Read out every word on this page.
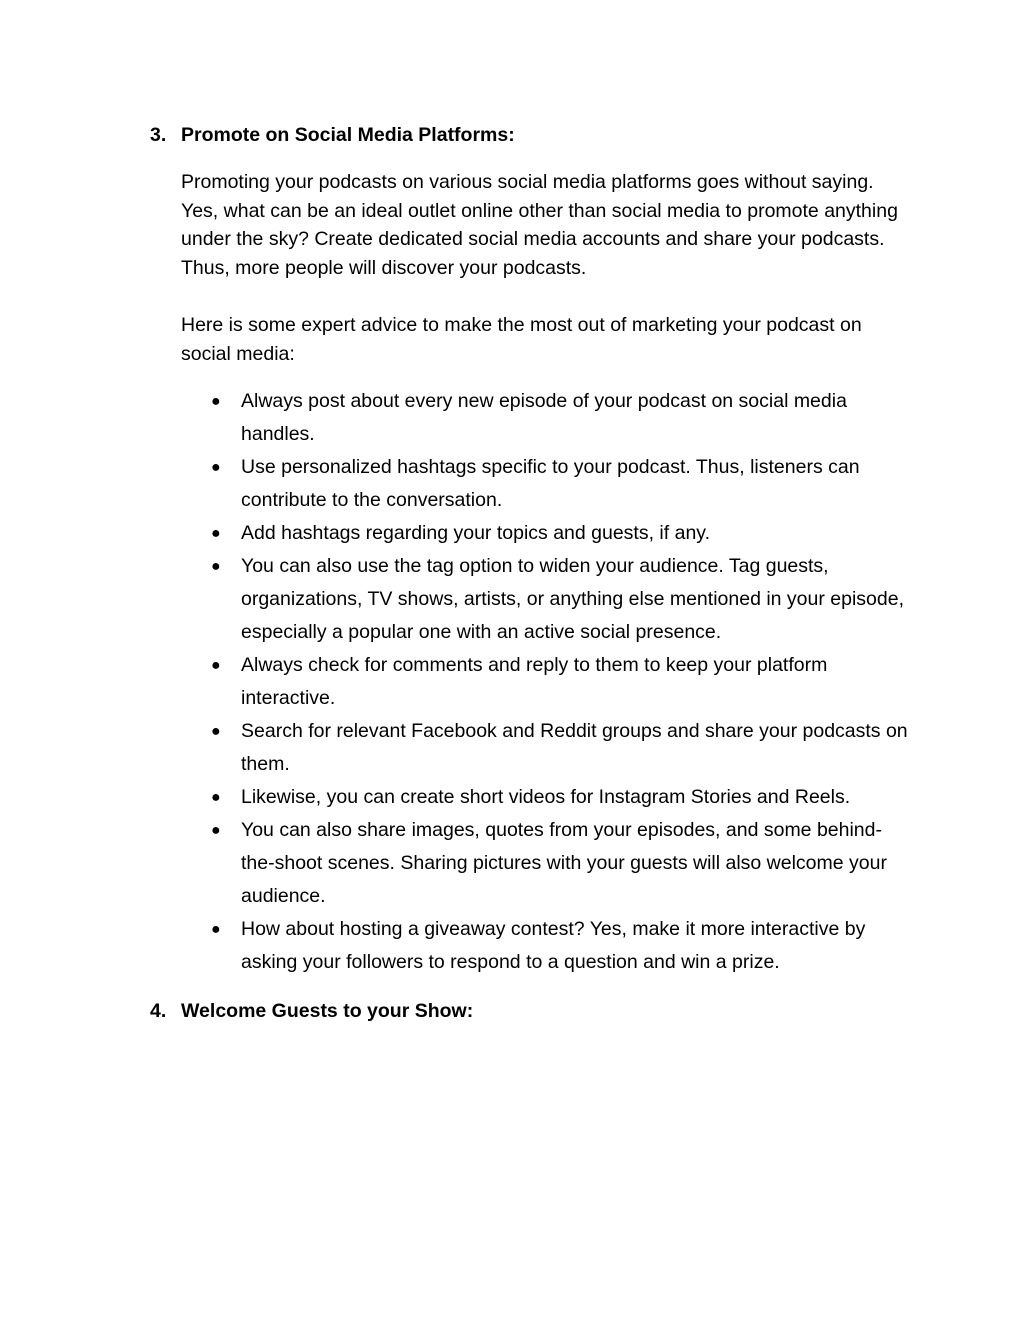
3. Promote on Social Media Platforms:
Promoting your podcasts on various social media platforms goes without saying. Yes, what can be an ideal outlet online other than social media to promote anything under the sky? Create dedicated social media accounts and share your podcasts. Thus, more people will discover your podcasts.
Here is some expert advice to make the most out of marketing your podcast on social media:
●	Always post about every new episode of your podcast on social media handles.
●	Use personalized hashtags specific to your podcast. Thus, listeners can contribute to the conversation.
●	Add hashtags regarding your topics and guests, if any.
●	You can also use the tag option to widen your audience. Tag guests, organizations, TV shows, artists, or anything else mentioned in your episode, especially a popular one with an active social presence.
●	Always check for comments and reply to them to keep your platform interactive.
●	Search for relevant Facebook and Reddit groups and share your podcasts on them.
●	Likewise, you can create short videos for Instagram Stories and Reels.
●	You can also share images, quotes from your episodes, and some behind-the-shoot scenes. Sharing pictures with your guests will also welcome your audience.
●	How about hosting a giveaway contest? Yes, make it more interactive by asking your followers to respond to a question and win a prize.
4. Welcome Guests to your Show:
